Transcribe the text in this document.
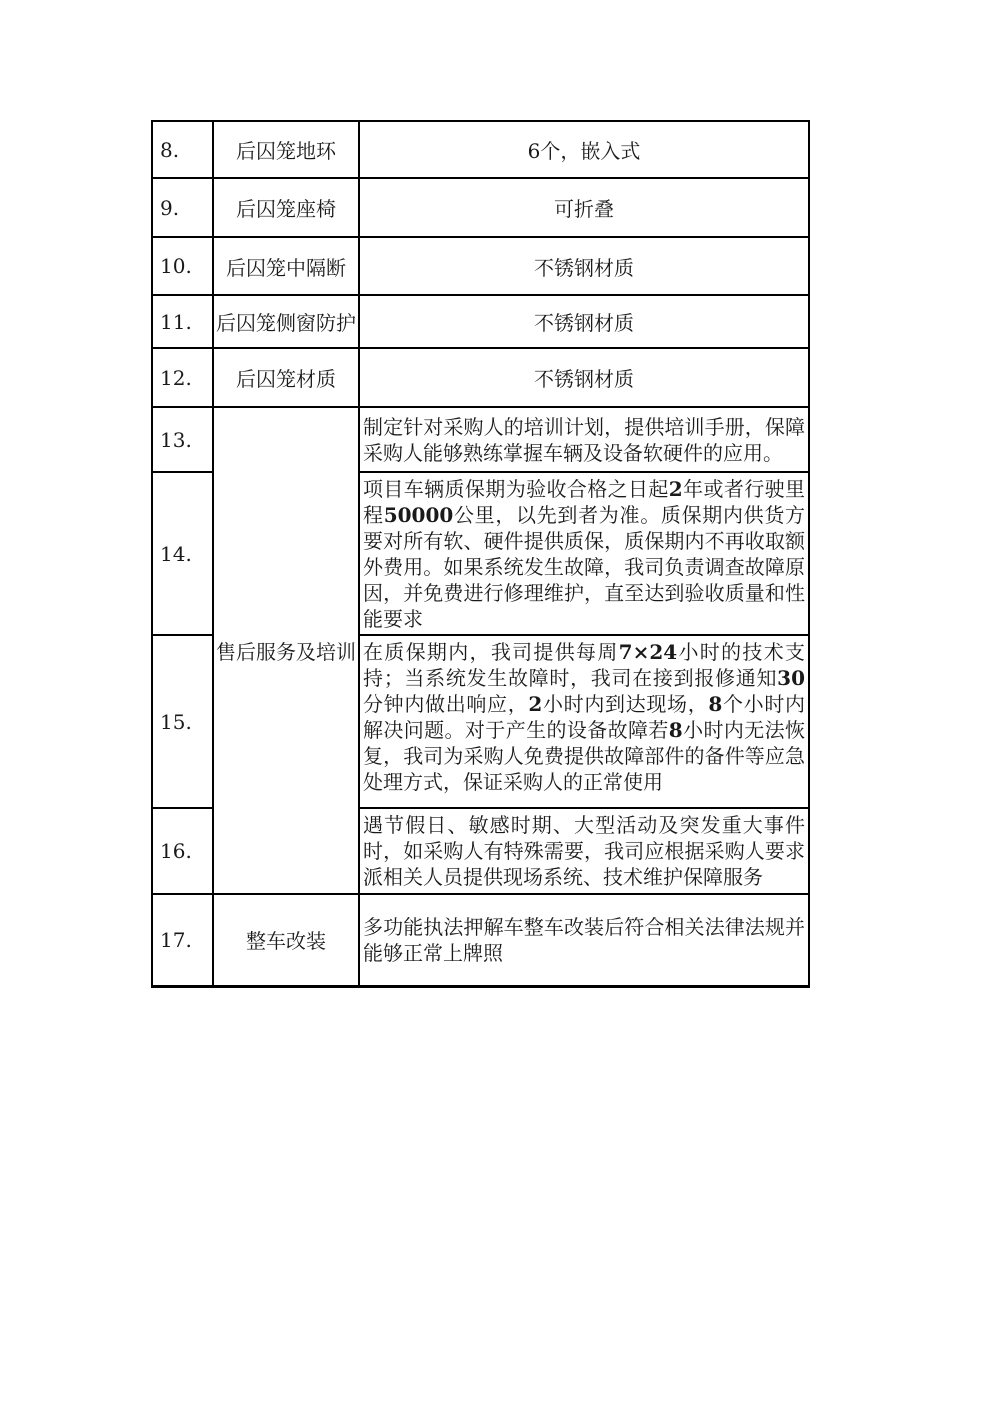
8.	后囚笼地环	6个，嵌入式
9.	后囚笼座椅	可折叠
10.	后囚笼中隔断	不锈钢材质
11.	后囚笼侧窗防护	不锈钢材质
12.	后囚笼材质	不锈钢材质
13.	售后服务及培训	制定针对采购人的培训计划，提供培训手册，保障采购人能够熟练掌握车辆及设备软硬件的应用。
14.		项目车辆质保期为验收合格之日起2年或者行驶里程50000公里，以先到者为准。质保期内供货方要对所有软、硬件提供质保，质保期内不再收取额外费用。如果系统发生故障，我司负责调查故障原因，并免费进行修理维护，直至达到验收质量和性能要求
15.		在质保期内，我司提供每周7×24小时的技术支持；当系统发生故障时，我司在接到报修通知30分钟内做出响应，2小时内到达现场，8个小时内解决问题。对于产生的设备故障若8小时内无法恢复，我司为采购人免费提供故障部件的备件等应急处理方式，保证采购人的正常使用
16.		遇节假日、敏感时期、大型活动及突发重大事件时，如采购人有特殊需要，我司应根据采购人要求派相关人员提供现场系统、技术维护保障服务
17.	整车改装	多功能执法押解车整车改装后符合相关法律法规并能够正常上牌照
